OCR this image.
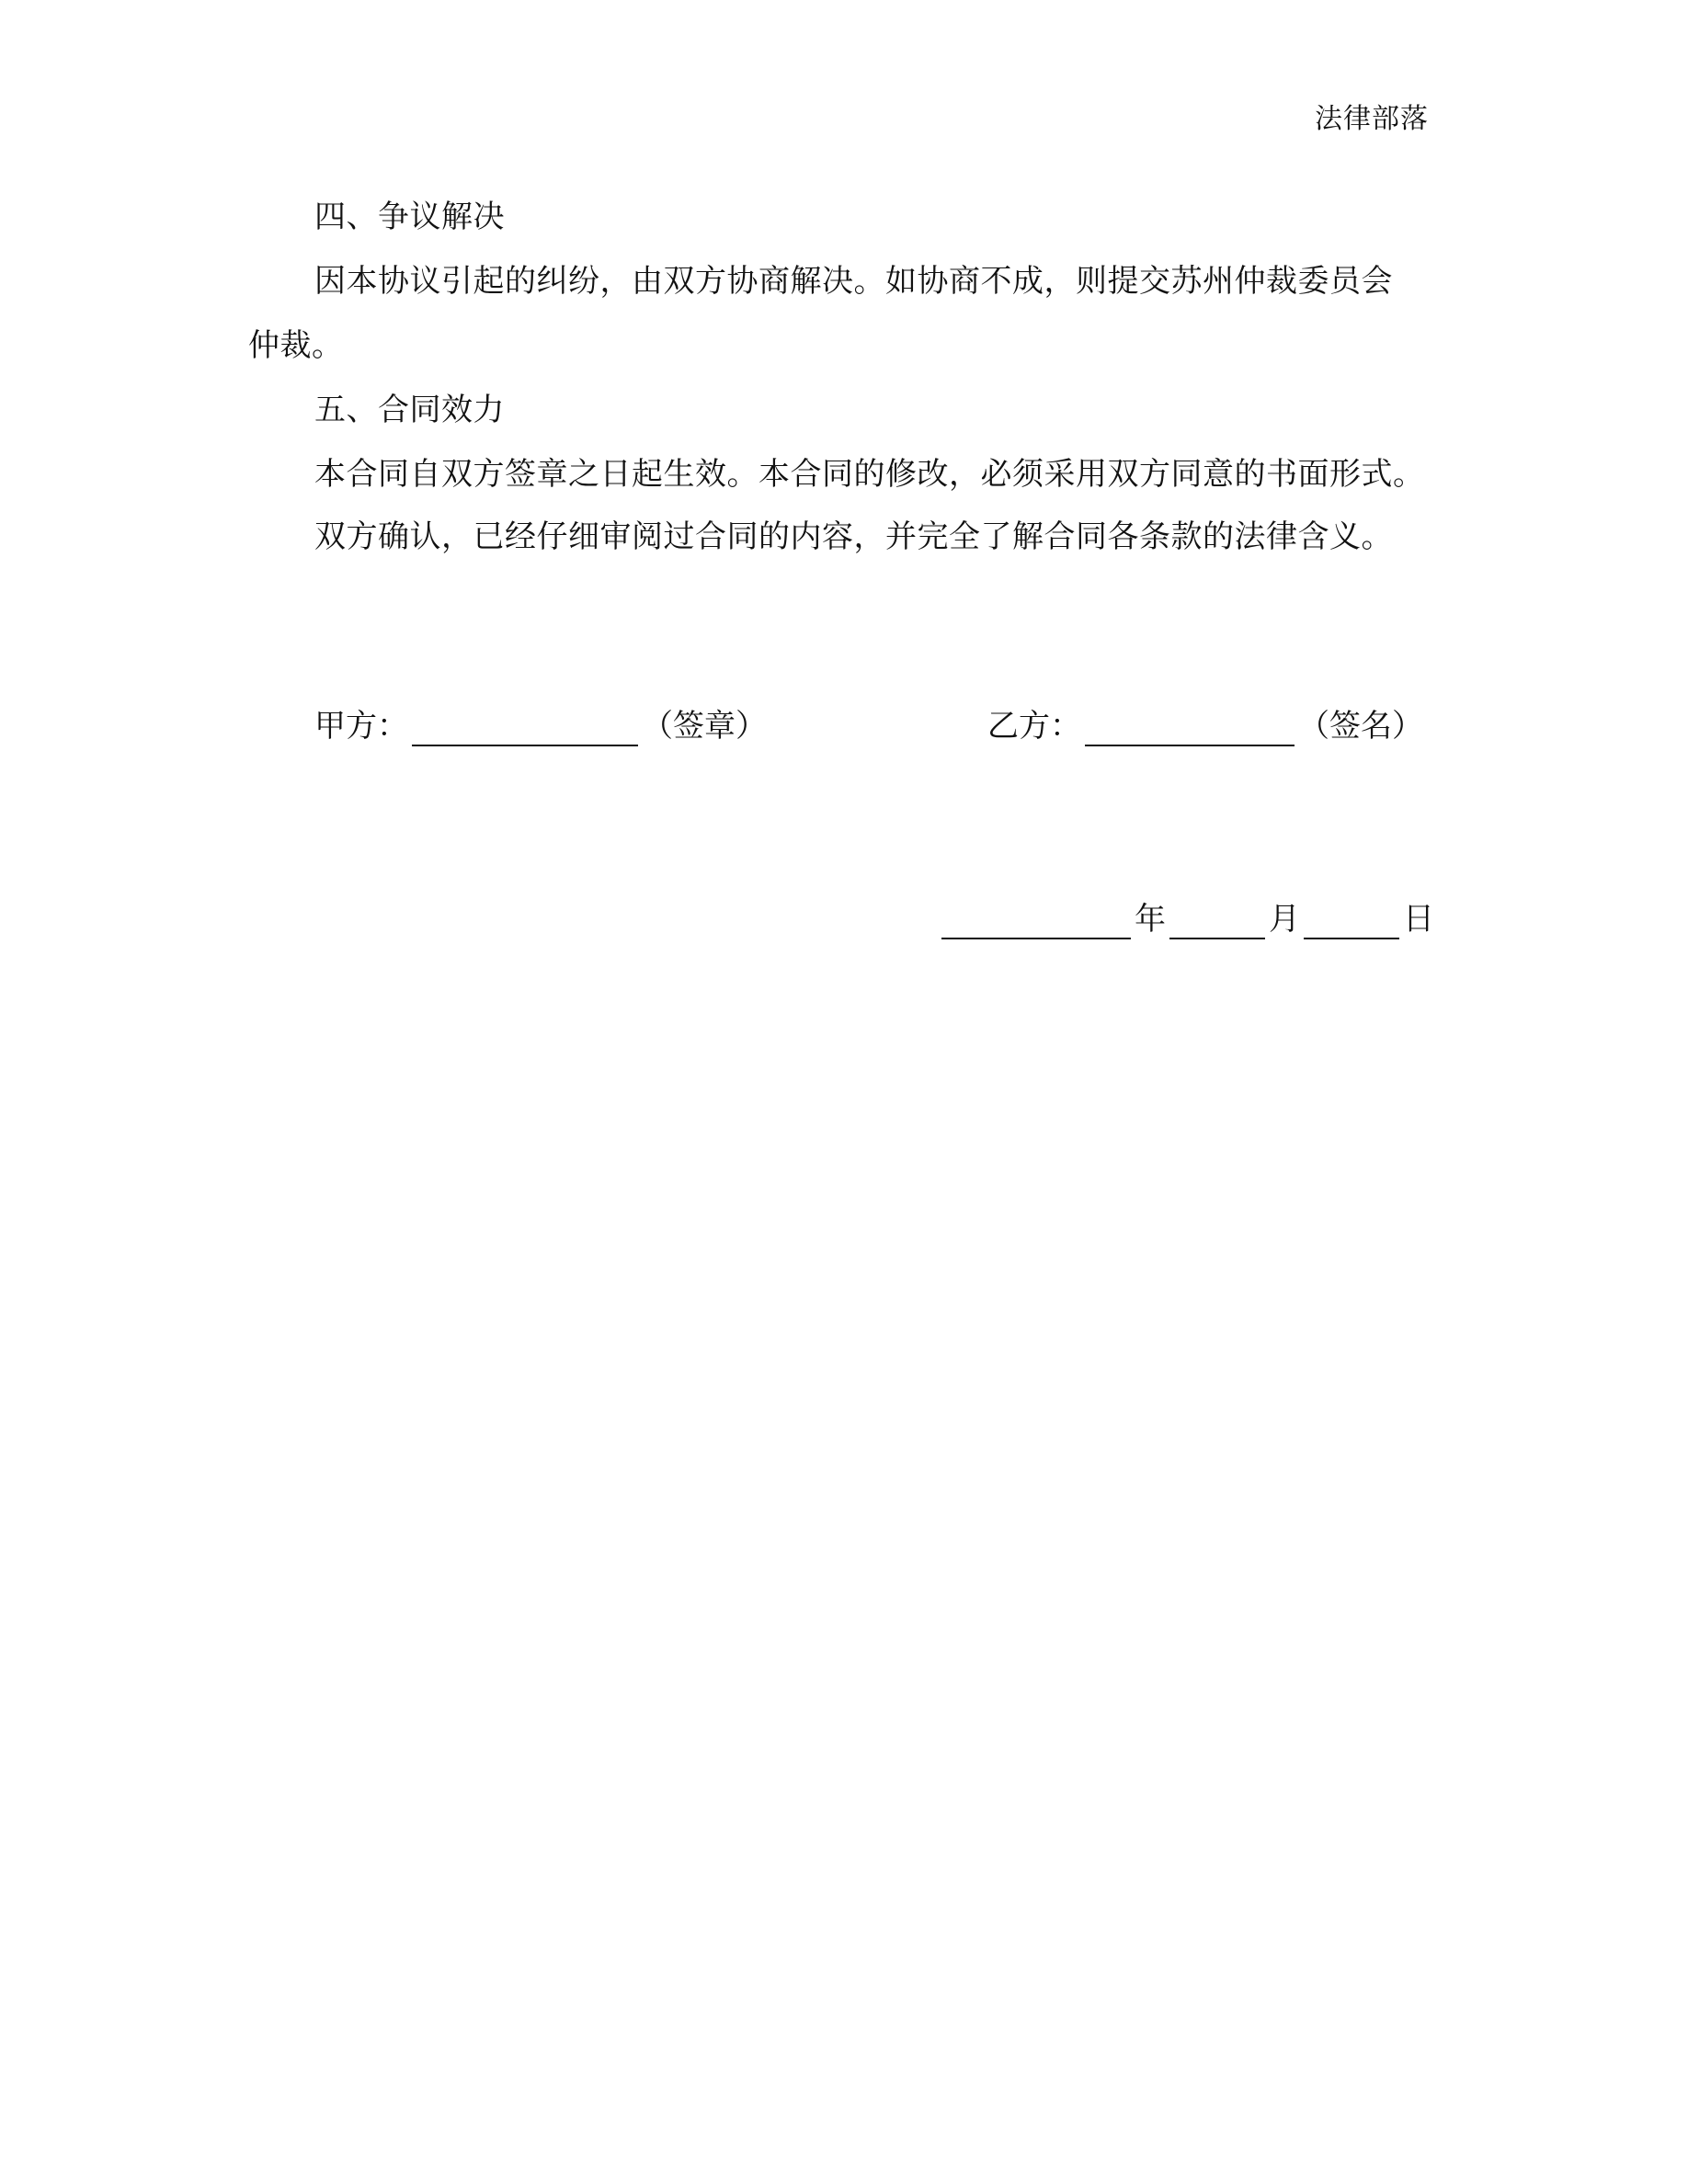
法律部落
四、争议解决
因本协议引起的纠纷，由双方协商解决。如协商不成，则提交苏州仲裁委员会
仲裁。
五、合同效力
本合同自双方签章之日起生效。本合同的修改，必须采用双方同意的书面形式。
双方确认，已经仔细审阅过合同的内容，并完全了解合同各条款的法律含义。
甲方：	（签章）	乙方：	（签名）
年	月	日
